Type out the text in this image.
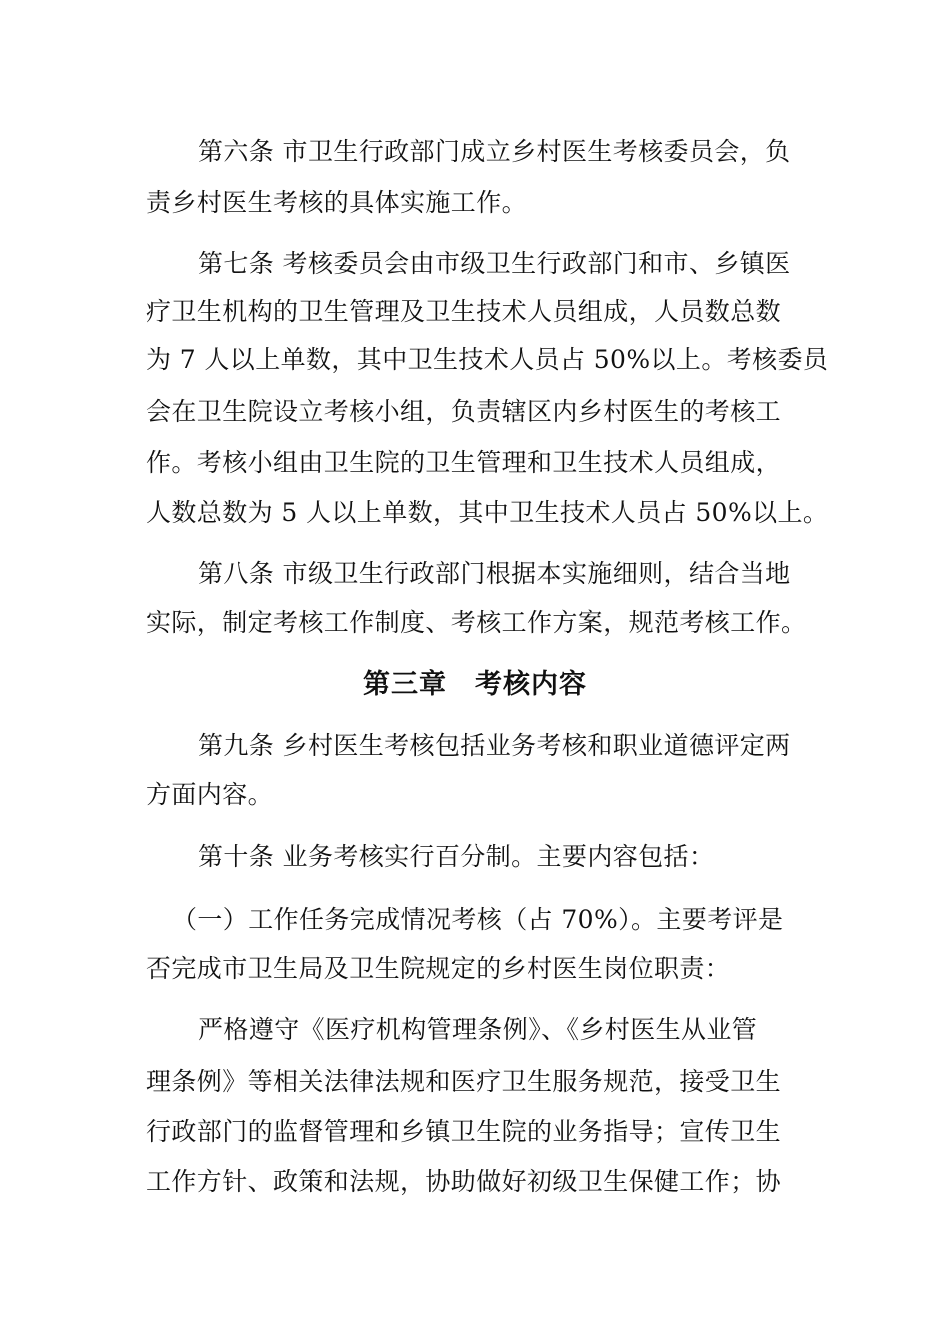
第六条 市卫生行政部门成立乡村医生考核委员会，负
责乡村医生考核的具体实施工作。
第七条 考核委员会由市级卫生行政部门和市、乡镇医
疗卫生机构的卫生管理及卫生技术人员组成，人员数总数
为 7 人以上单数，其中卫生技术人员占 50%以上。考核委员
会在卫生院设立考核小组，负责辖区内乡村医生的考核工
作。考核小组由卫生院的卫生管理和卫生技术人员组成，
人数总数为 5 人以上单数，其中卫生技术人员占 50%以上。
第八条 市级卫生行政部门根据本实施细则，结合当地
实际，制定考核工作制度、考核工作方案，规范考核工作。
第三章　考核内容
第九条 乡村医生考核包括业务考核和职业道德评定两
方面内容。
第十条 业务考核实行百分制。主要内容包括：
（一）工作任务完成情况考核（占 70%）。主要考评是
否完成市卫生局及卫生院规定的乡村医生岗位职责：
严格遵守《医疗机构管理条例》、《乡村医生从业管
理条例》等相关法律法规和医疗卫生服务规范，接受卫生
行政部门的监督管理和乡镇卫生院的业务指导；宣传卫生
工作方针、政策和法规，协助做好初级卫生保健工作；协
